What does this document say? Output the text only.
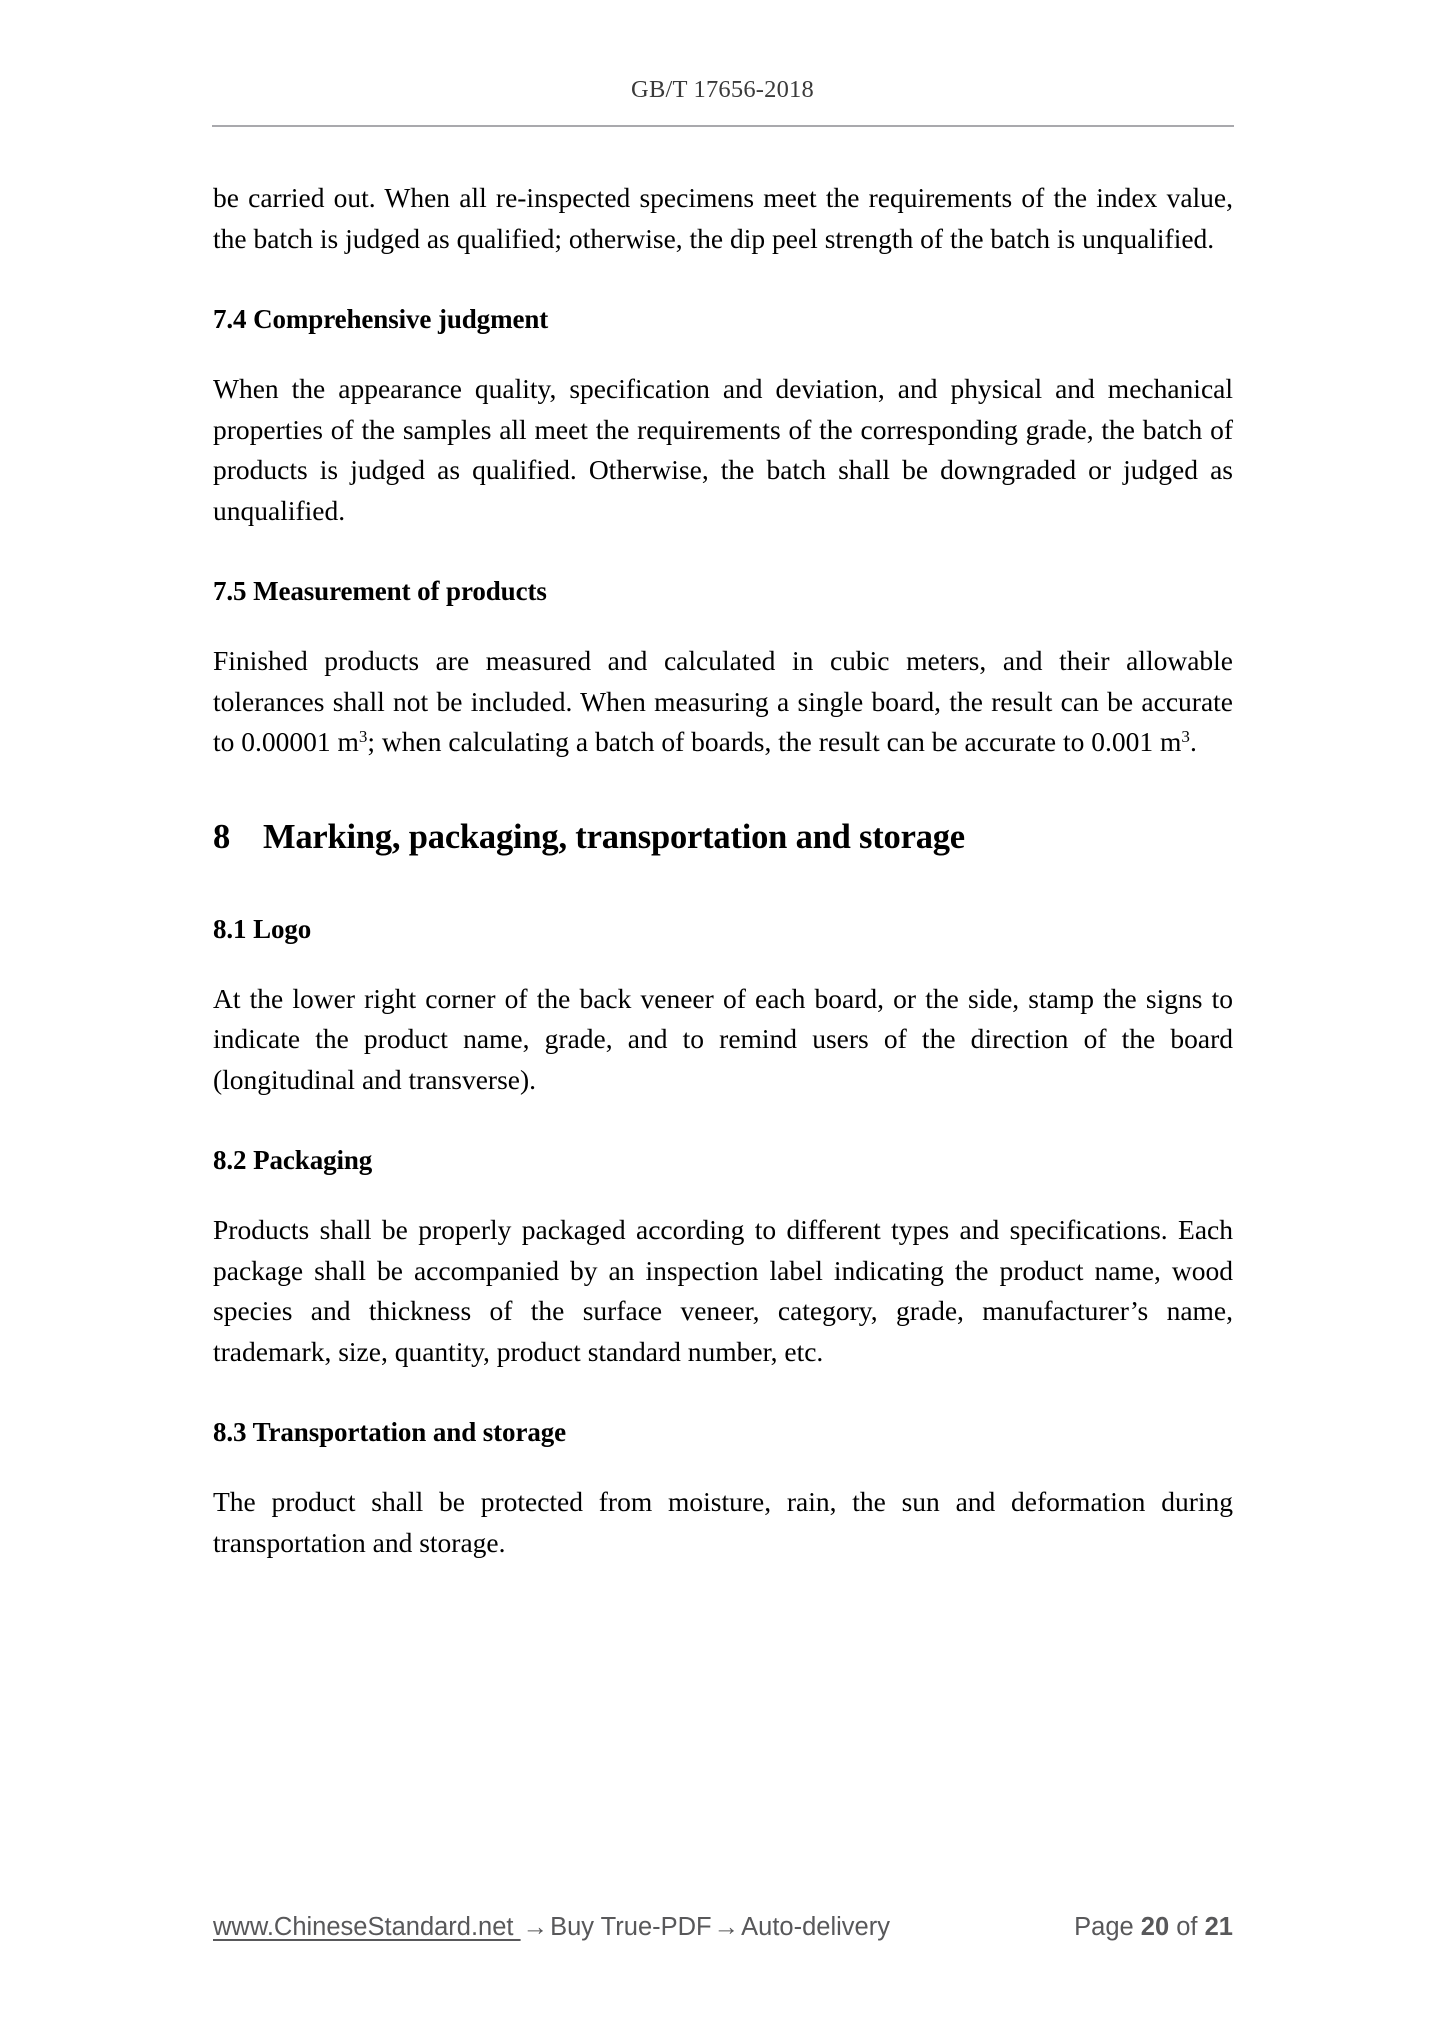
GB/T 17656-2018

be carried out. When all re-inspected specimens meet the requirements of the index value, the batch is judged as qualified; otherwise, the dip peel strength of the batch is unqualified.

7.4 Comprehensive judgment

When the appearance quality, specification and deviation, and physical and mechanical properties of the samples all meet the requirements of the corresponding grade, the batch of products is judged as qualified. Otherwise, the batch shall be downgraded or judged as unqualified.

7.5 Measurement of products

Finished products are measured and calculated in cubic meters, and their allowable tolerances shall not be included. When measuring a single board, the result can be accurate to 0.00001 $m^3$; when calculating a batch of boards, the result can be accurate to 0.001 $m^3$.

8 Marking, packaging, transportation and storage
8.1 Logo

At the lower right corner of the back veneer of each board, or the side, stamp the signs to indicate the product name, grade, and to remind users of the direction of the board (longitudinal and transverse).

8.2 Packaging

Products shall be properly packaged according to different types and specifications. Each package shall be accompanied by an inspection label indicating the product name, wood species and thickness of the surface veneer, category, grade, manufacturer’s name, trademark, size, quantity, product standard number, etc.

8.3 Transportation and storage

The product shall be protected from moisture, rain, the sun and deformation during transportation and storage.

www.ChineseStandard.net → Buy True-PDF → Auto-delivery	Page 20 of 21
